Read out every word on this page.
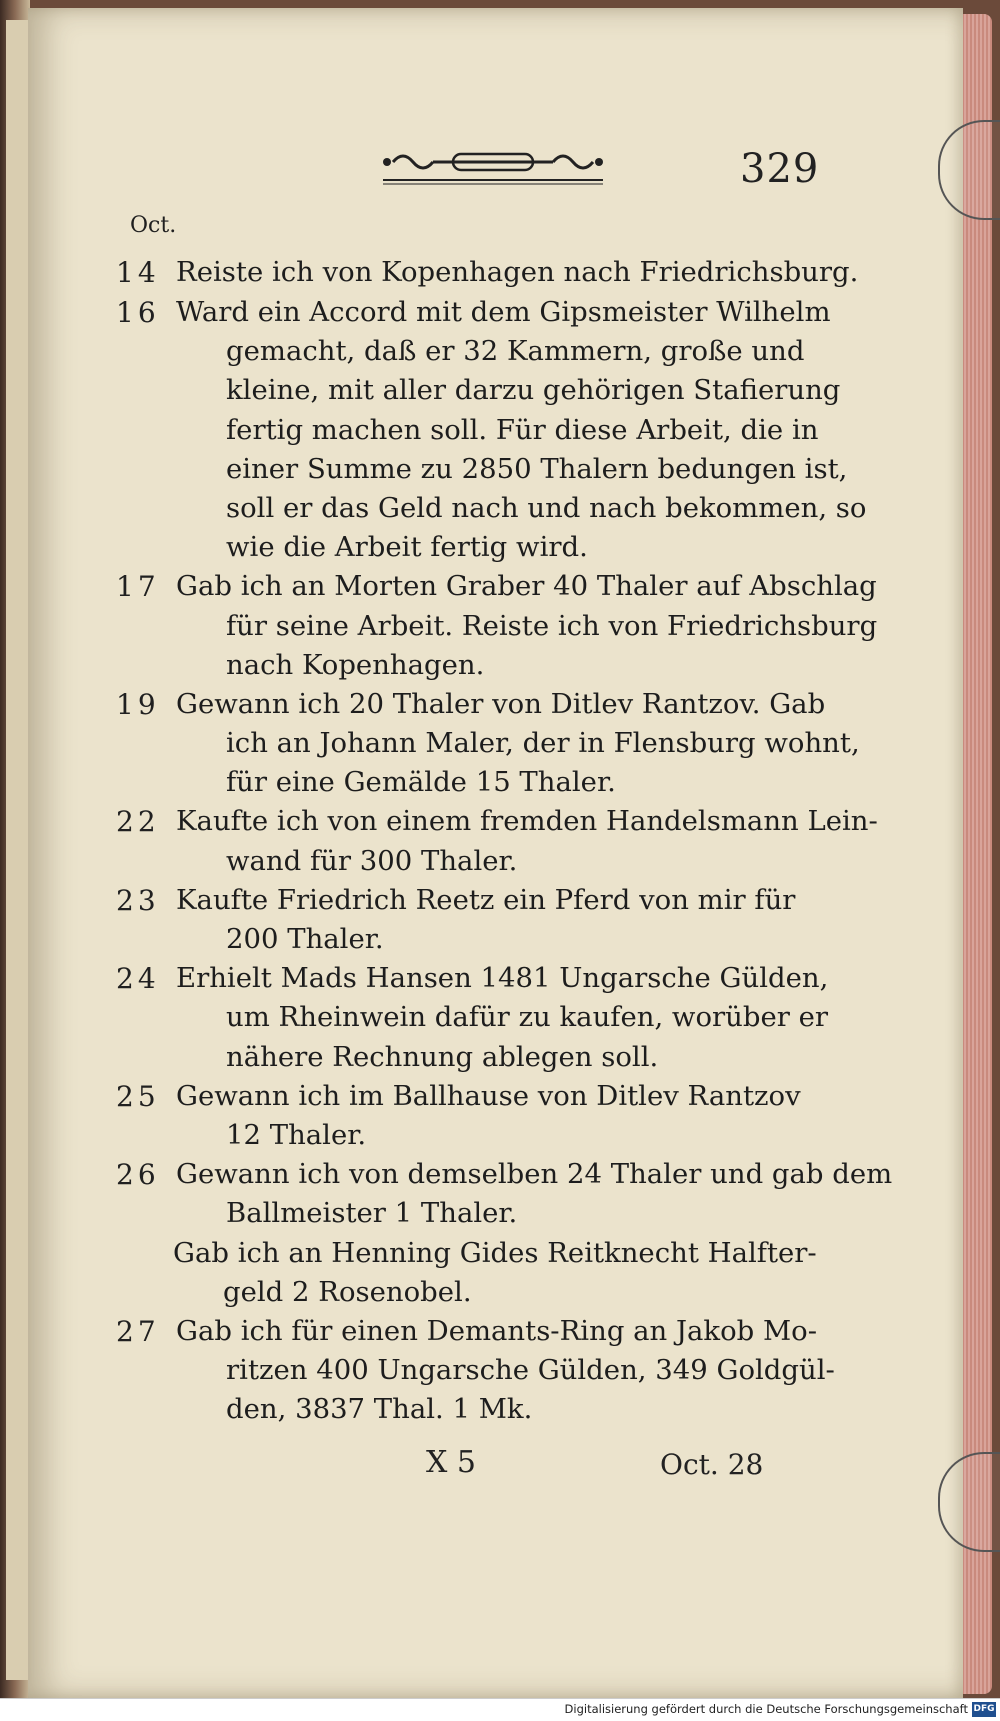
329
Oct.
14 Reiste ich von Kopenhagen nach Friedrichsburg.
16 Ward ein Accord mit dem Gipsmeister Wilhelm
gemacht, daß er 32 Kammern, große und
kleine, mit aller darzu gehörigen Stafierung
fertig machen soll. Für diese Arbeit, die in
einer Summe zu 2850 Thalern bedungen ist,
soll er das Geld nach und nach bekommen, so
wie die Arbeit fertig wird.
17 Gab ich an Morten Graber 40 Thaler auf Abschlag
für seine Arbeit. Reiste ich von Friedrichsburg
nach Kopenhagen.
19 Gewann ich 20 Thaler von Ditlev Rantzov. Gab
ich an Johann Maler, der in Flensburg wohnt,
für eine Gemälde 15 Thaler.
22 Kaufte ich von einem fremden Handelsmann Lein-
wand für 300 Thaler.
23 Kaufte Friedrich Reetz ein Pferd von mir für
200 Thaler.
24 Erhielt Mads Hansen 1481 Ungarsche Gülden,
um Rheinwein dafür zu kaufen, worüber er
nähere Rechnung ablegen soll.
25 Gewann ich im Ballhause von Ditlev Rantzov
12 Thaler.
26 Gewann ich von demselben 24 Thaler und gab dem
Ballmeister 1 Thaler.
Gab ich an Henning Gides Reitknecht Halfter-
geld 2 Rosenobel.
27 Gab ich für einen Demants-Ring an Jakob Mo-
ritzen 400 Ungarsche Gülden, 349 Goldgül-
den, 3837 Thal. 1 Mk.
X 5	Oct. 28
Digitalisierung gefördert durch die Deutsche Forschungsgemeinschaft DFG
